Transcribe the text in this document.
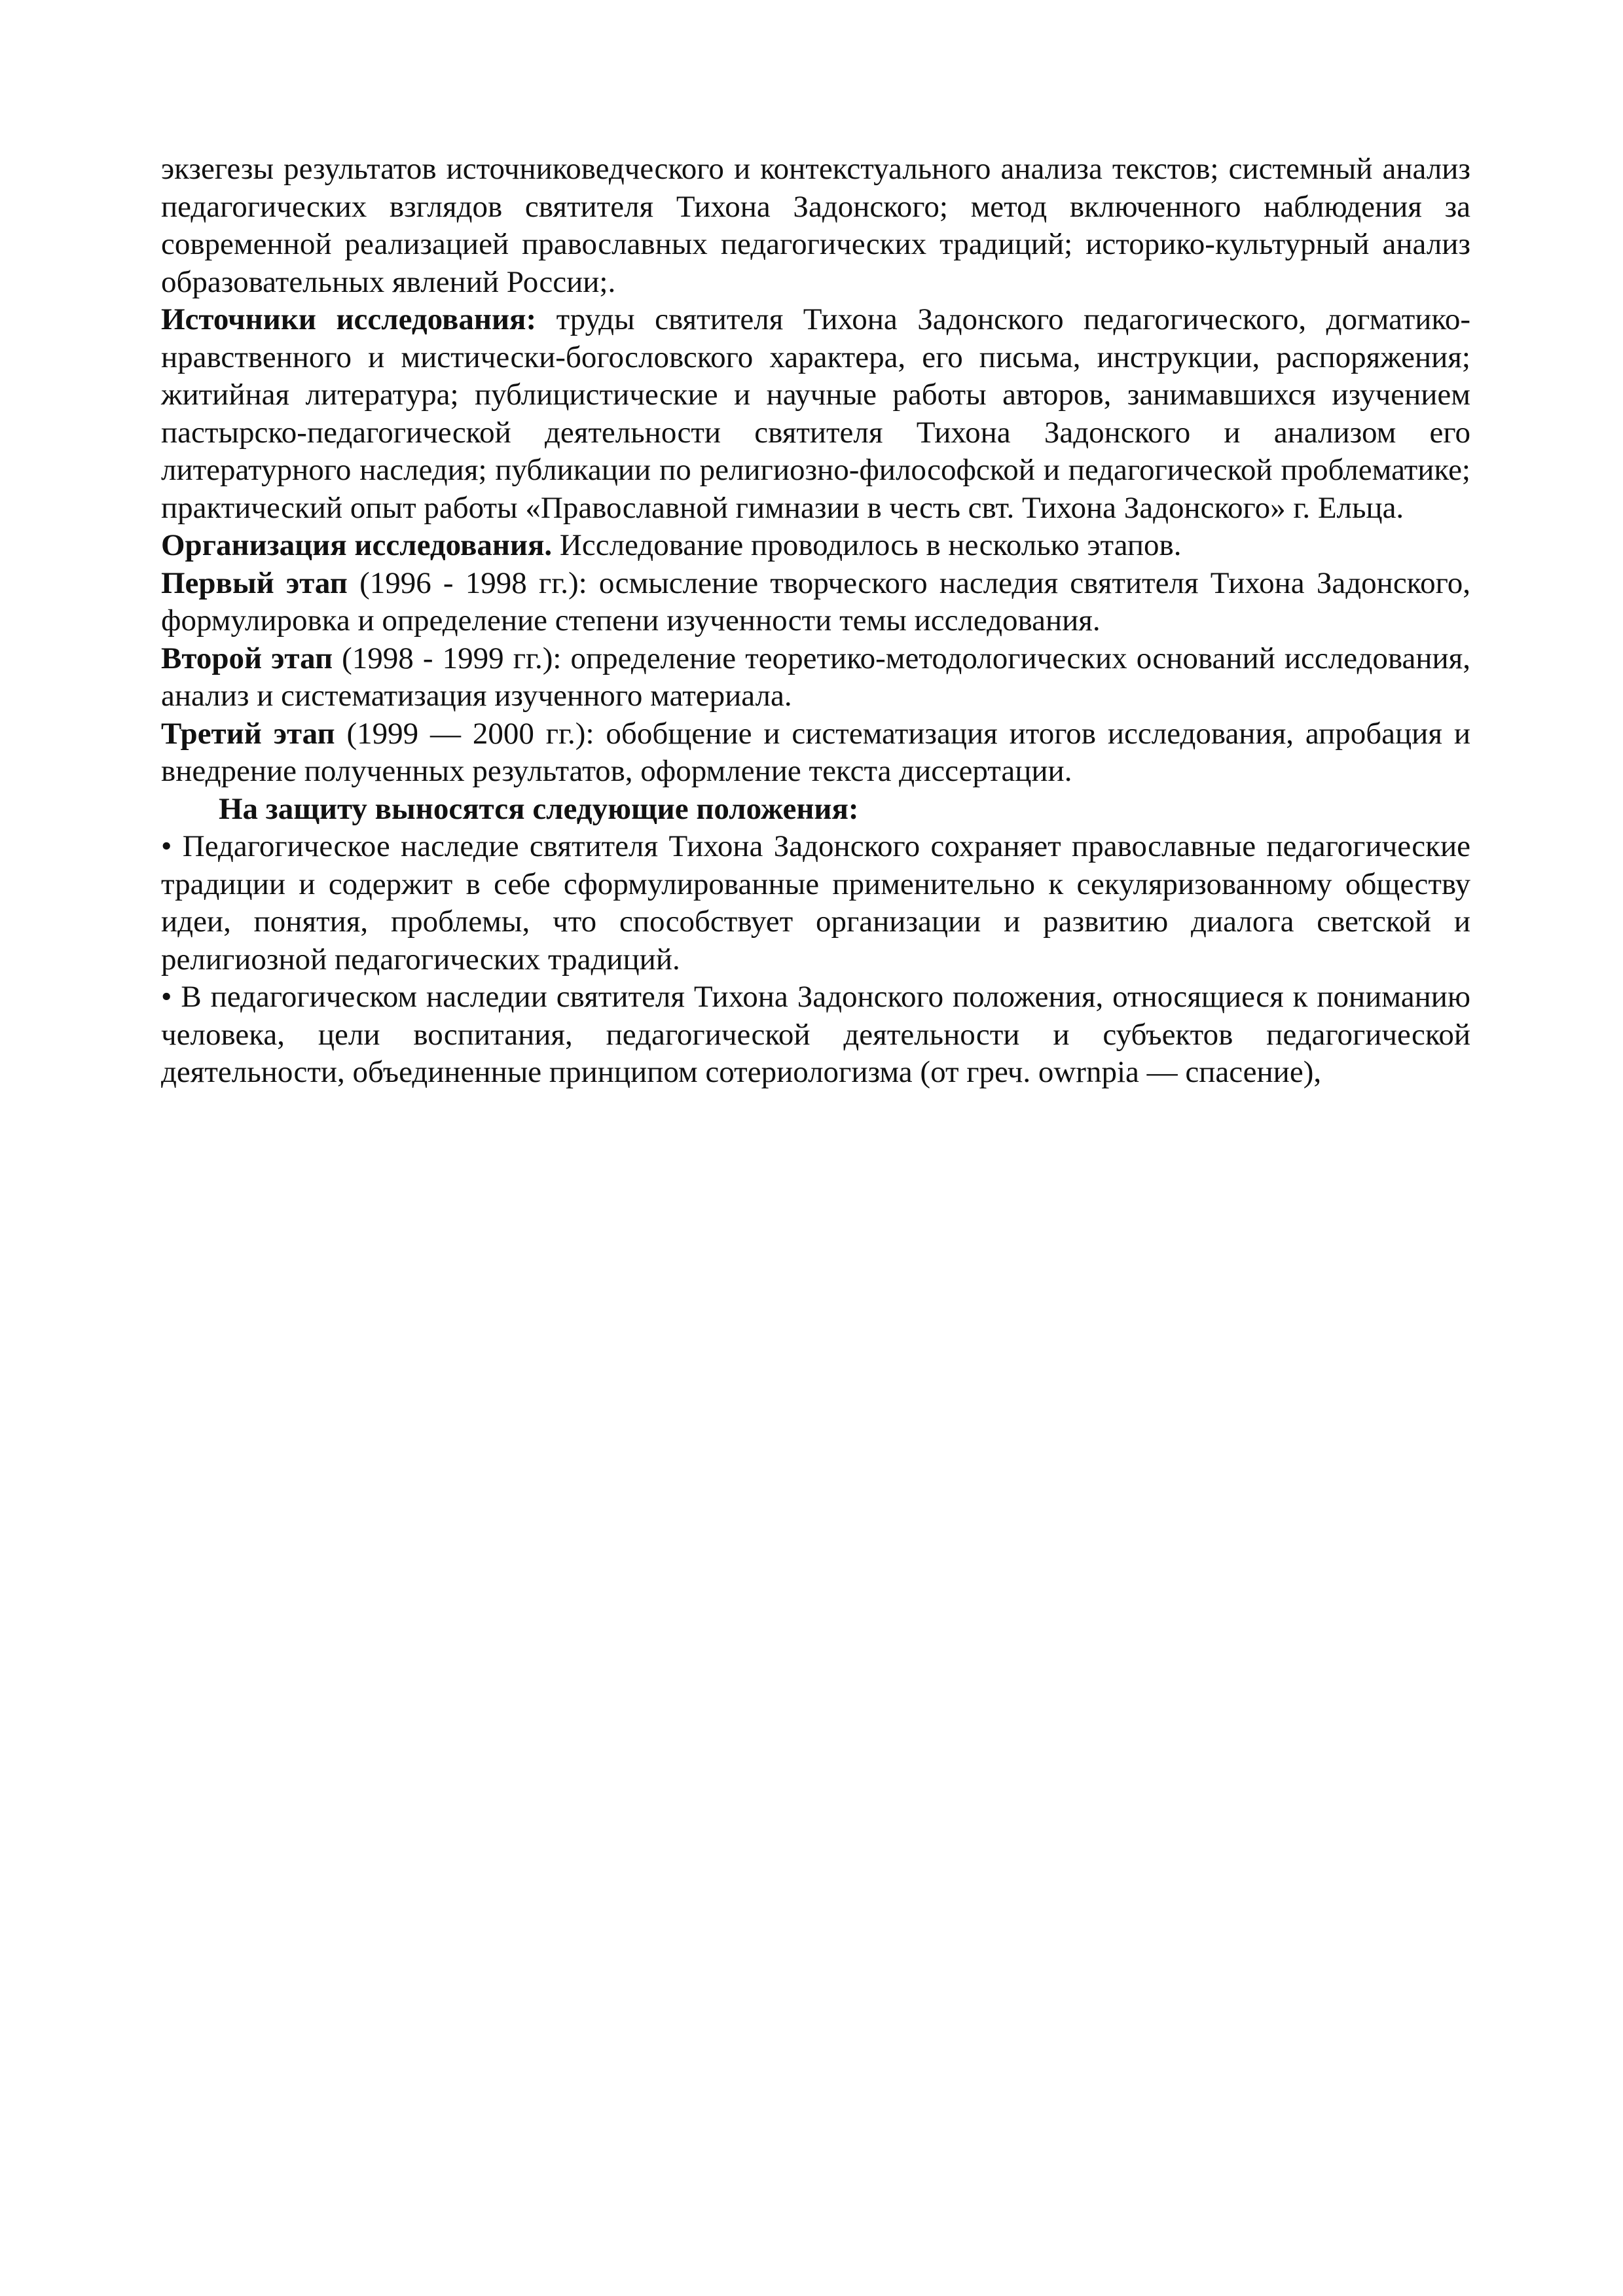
экзегезы результатов источниковедческого и контекстуального анализа текстов; системный анализ педагогических взглядов святителя Тихона Задонского; метод включенного наблюдения за современной реализацией православных педагогических традиций; историко-культурный анализ образовательных явлений России;.

Источники исследования: труды святителя Тихона Задонского педагогического, догматико-нравственного и мистически-богословского характера, его письма, инструкции, распоряжения; житийная литература; публицистические и научные работы авторов, занимавшихся изучением пастырско-педагогической деятельности святителя Тихона Задонского и анализом его литературного наследия; публикации по религиозно-философской и педагогической проблематике; практический опыт работы «Православной гимназии в честь свт. Тихона Задонского» г. Ельца.

Организация исследования. Исследование проводилось в несколько этапов.

Первый этап (1996 - 1998 гг.): осмысление творческого наследия святителя Тихона Задонского, формулировка и определение степени изученности темы исследования.

Второй этап (1998 - 1999 гг.): определение теоретико-методологических оснований исследования, анализ и систематизация изученного материала.

Третий этап (1999 — 2000 гг.): обобщение и систематизация итогов исследования, апробация и внедрение полученных результатов, оформление текста диссертации.

На защиту выносятся следующие положения:

• Педагогическое наследие святителя Тихона Задонского сохраняет православные педагогические традиции и содержит в себе сформулированные применительно к секуляризованному обществу идеи, понятия, проблемы, что способствует организации и развитию диалога светской и религиозной педагогических традиций.

• В педагогическом наследии святителя Тихона Задонского положения, относящиеся к пониманию человека, цели воспитания, педагогической деятельности и субъектов педагогической деятельности, объединенные принципом сотериологизма (от греч. owrnpia — спасение),
